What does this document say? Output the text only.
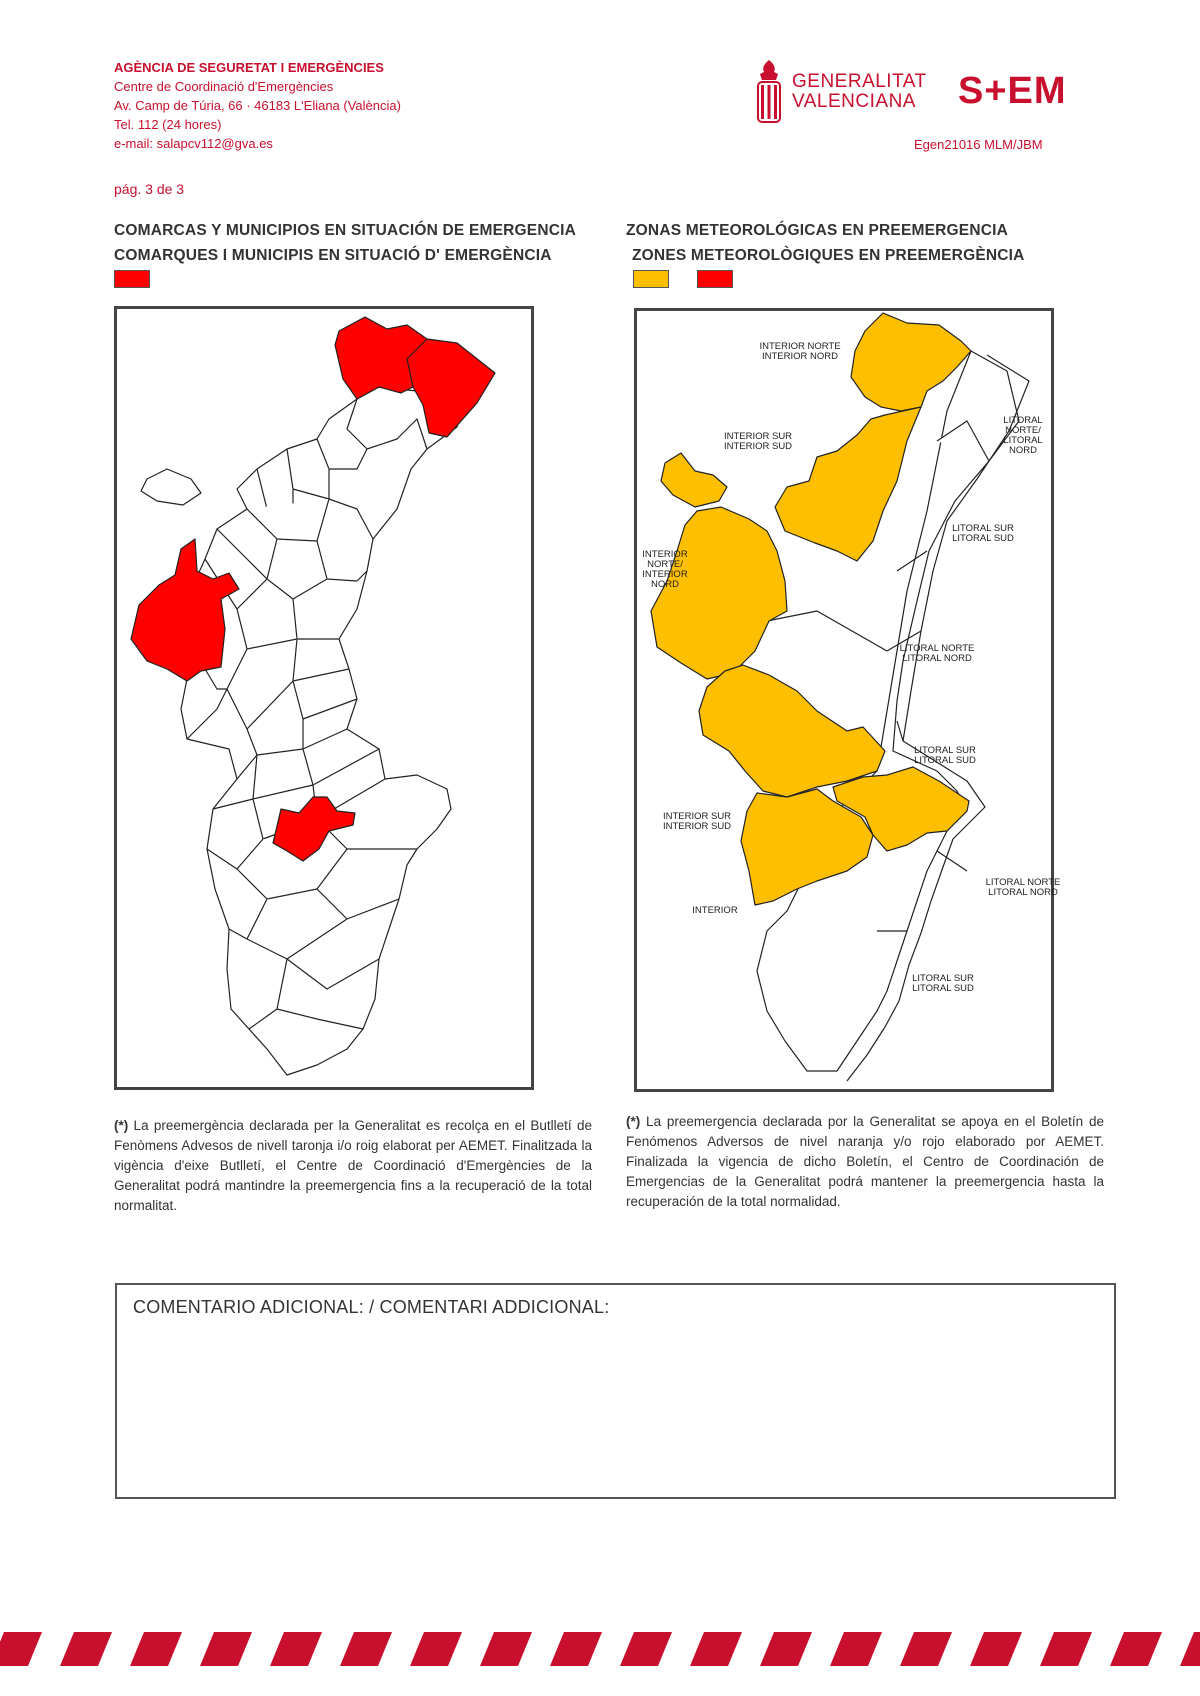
AGÈNCIA DE SEGURETAT I EMERGÈNCIES
Centre de Coordinació d'Emergències
Av. Camp de Túria, 66 · 46183 L'Eliana (València)
Tel. 112 (24 hores)
e-mail: salapcv112@gva.es
GENERALITAT
VALENCIANA S+EM
Egen21016 MLM/JBM
pág. 3 de 3
COMARCAS Y MUNICIPIOS EN SITUACIÓN DE EMERGENCIA
COMARQUES I MUNICIPIS EN SITUACIÓ D' EMERGÈNCIA
ZONAS METEOROLÓGICAS EN PREEMERGENCIA
ZONES METEOROLÒGIQUES EN PREEMERGÈNCIA
INTERIOR NORTE
INTERIOR NORD
INTERIOR SUR
INTERIOR SUD
LITORAL
NORTE/
LITORAL
NORD
LITORAL SUR
LITORAL SUD
INTERIOR
NORTE/
INTERIOR
NORD
LITORAL NORTE
LITORAL NORD
LITORAL SUR
LITORAL SUD
INTERIOR SUR
INTERIOR SUD
LITORAL NORTE
LITORAL NORD
INTERIOR
LITORAL SUR
LITORAL SUD
(*) La preemergència declarada per la Generalitat es recolça en el Butlletí de Fenòmens Advesos de nivell taronja i/o roig elaborat per AEMET. Finalitzada la vigència d'eixe Butlletí, el Centre de Coordinació d'Emergències de la Generalitat podrá mantindre la preemergencia fins a la recuperació de la total normalitat.
(*) La preemergencia declarada por la Generalitat se apoya en el Boletín de Fenómenos Adversos de nivel naranja y/o rojo elaborado por AEMET. Finalizada la vigencia de dicho Boletín, el Centro de Coordinación de Emergencias de la Generalitat podrá mantener la preemergencia hasta la recuperación de la total normalidad.
COMENTARIO ADICIONAL: / COMENTARI ADDICIONAL:
